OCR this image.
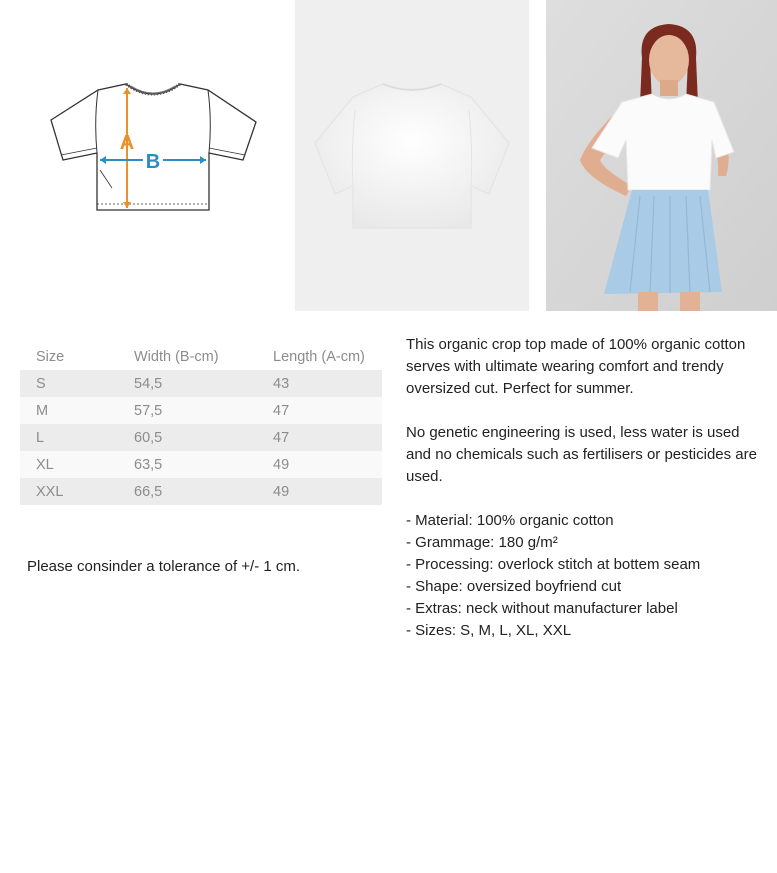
A
B
Size	Width (B-cm)	Length (A-cm)
S	54,5	43
M	57,5	47
L	60,5	47
XL	63,5	49
XXL	66,5	49
Please consinder a tolerance of +/- 1 cm.

This organic crop top made of 100% organic cotton serves with ultimate wearing comfort and trendy oversized cut. Perfect for summer.

No genetic engineering is used, less water is used and no chemicals such as fertilisers or pesticides are used.

- Material: 100% organic cotton
- Grammage: 180 g/m²
- Processing: overlock stitch at bottem seam
- Shape: oversized boyfriend cut
- Extras: neck without manufacturer label
- Sizes: S, M, L, XL, XXL
